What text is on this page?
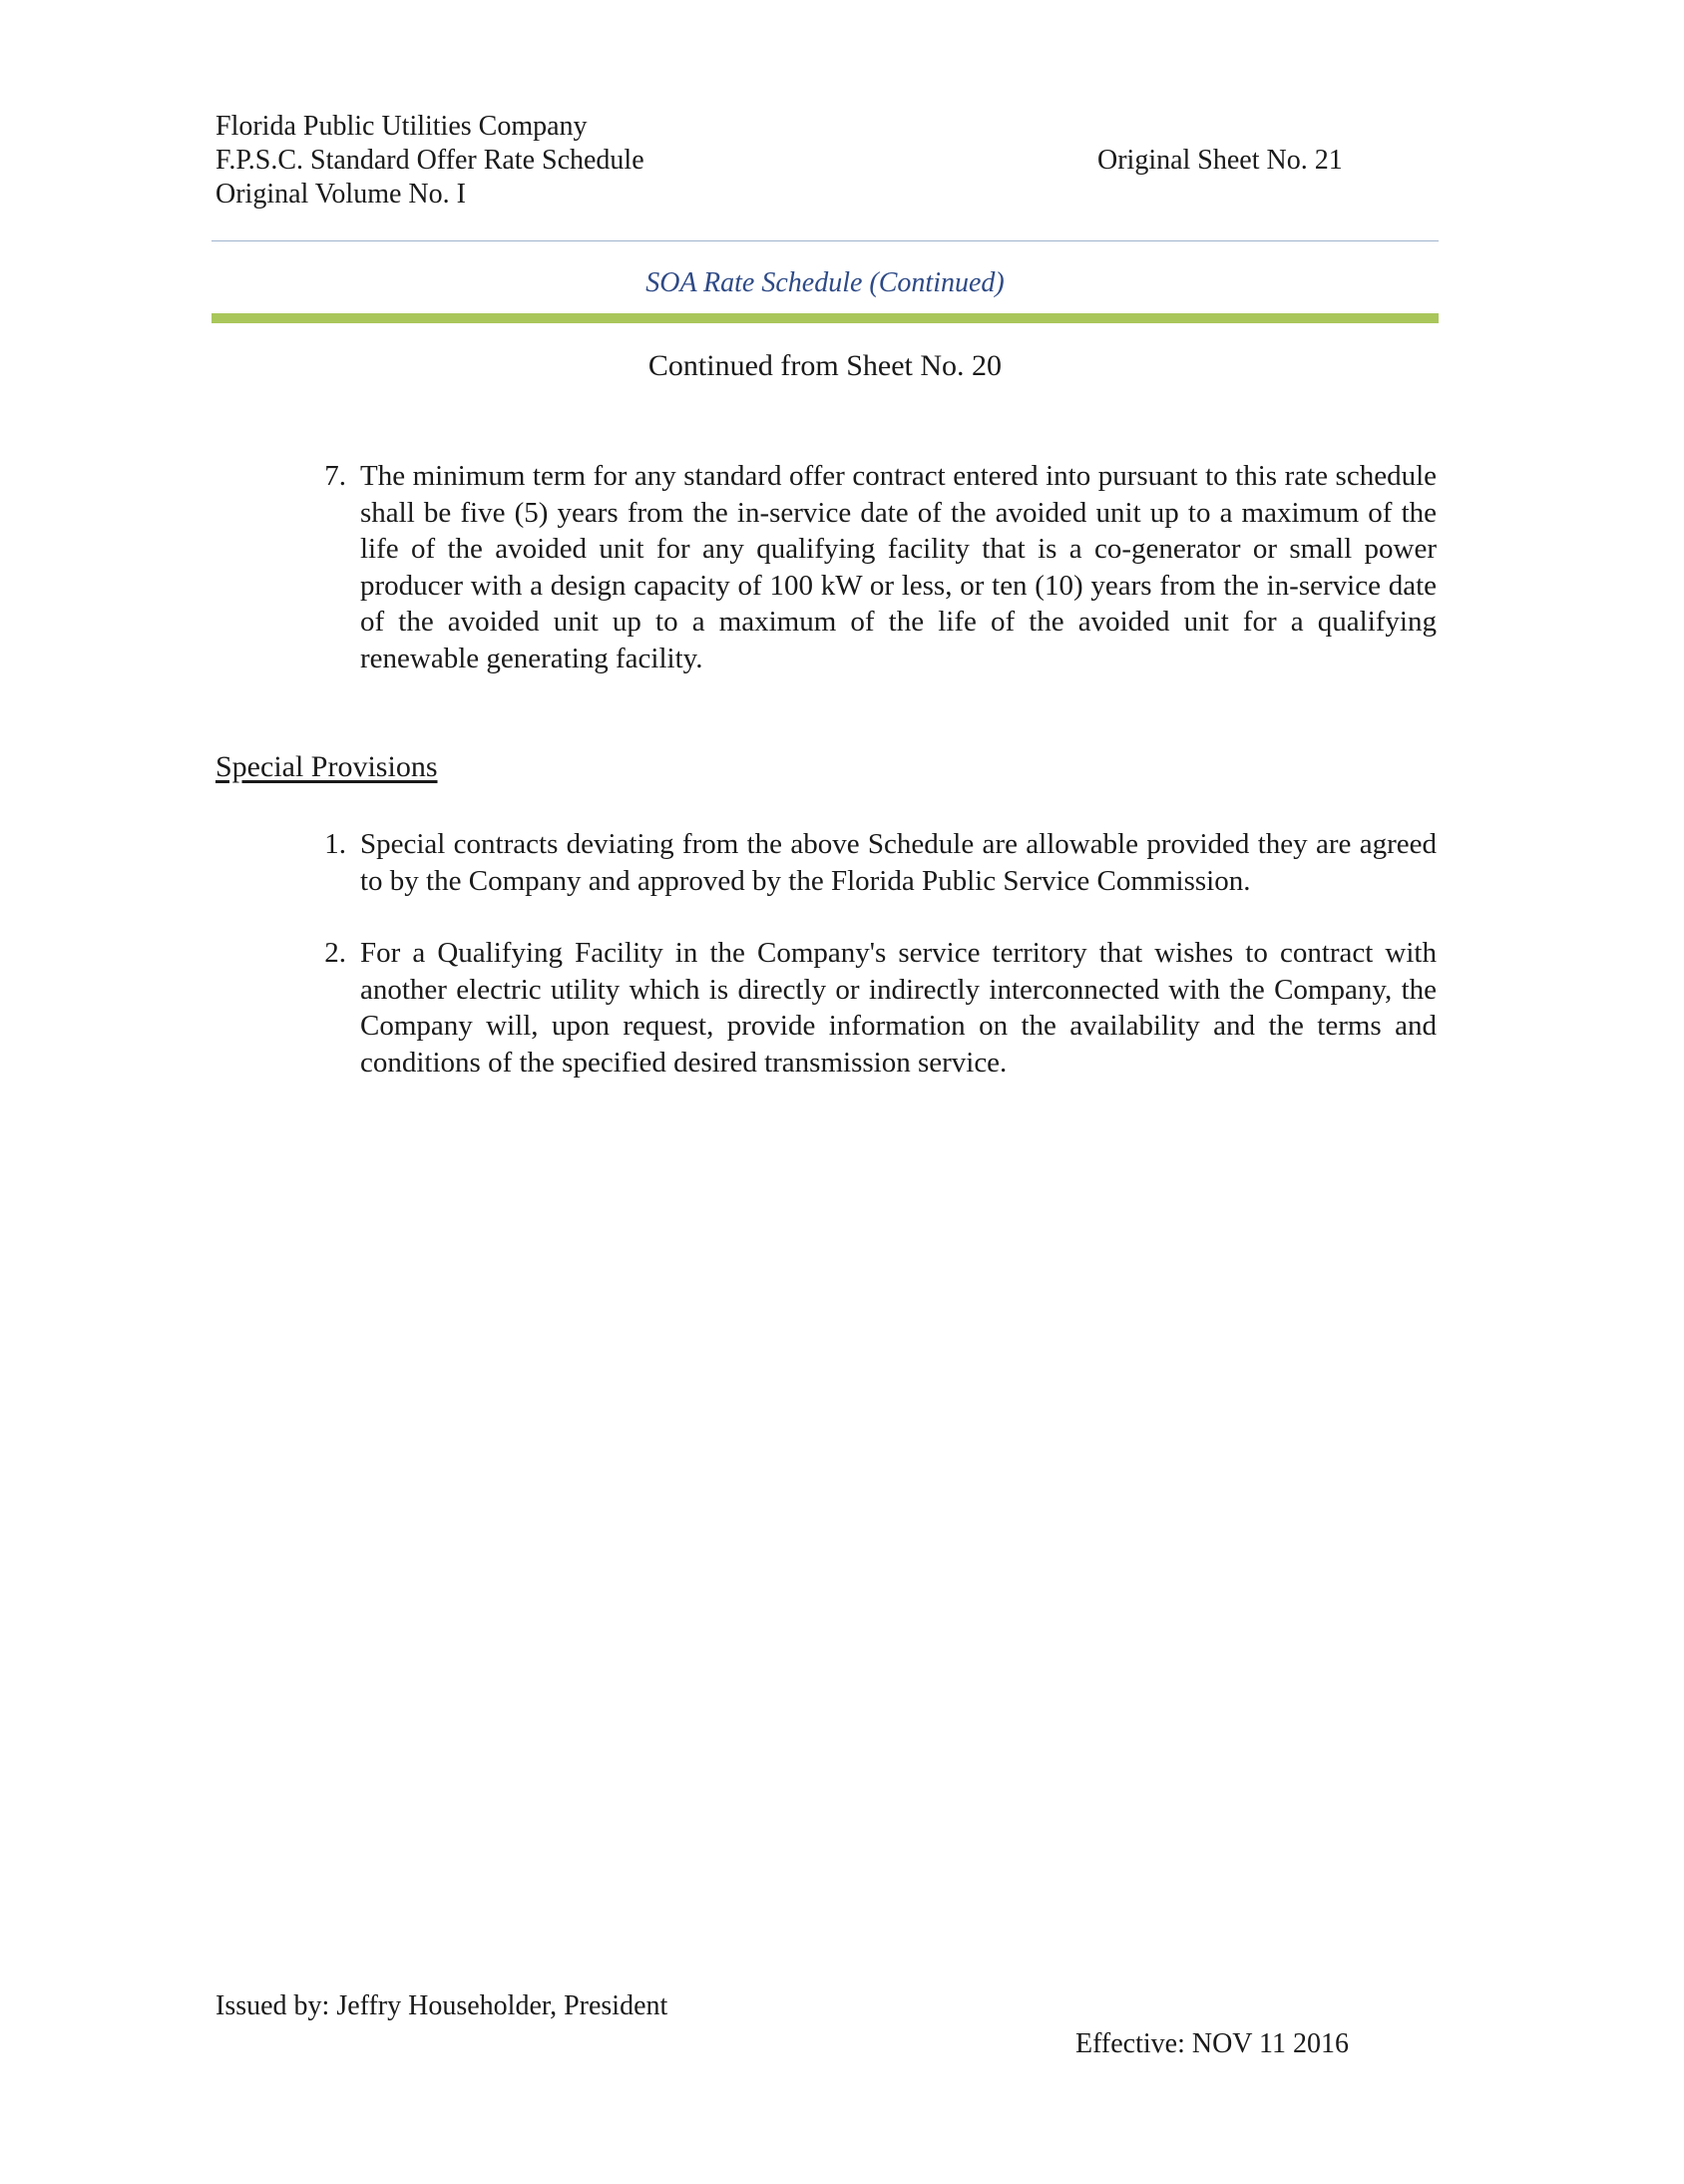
Florida Public Utilities Company
F.P.S.C. Standard Offer Rate Schedule
Original Volume No. I
Original Sheet No. 21
SOA Rate Schedule (Continued)
Continued from Sheet No. 20
7. The minimum term for any standard offer contract entered into pursuant to this rate schedule shall be five (5) years from the in-service date of the avoided unit up to a maximum of the life of the avoided unit for any qualifying facility that is a co-generator or small power producer with a design capacity of 100 kW or less, or ten (10) years from the in-service date of the avoided unit up to a maximum of the life of the avoided unit for a qualifying renewable generating facility.
Special Provisions
1. Special contracts deviating from the above Schedule are allowable provided they are agreed to by the Company and approved by the Florida Public Service Commission.
2. For a Qualifying Facility in the Company's service territory that wishes to contract with another electric utility which is directly or indirectly interconnected with the Company, the Company will, upon request, provide information on the availability and the terms and conditions of the specified desired transmission service.
Issued by: Jeffry Householder, President
Effective: NOV 11 2016
